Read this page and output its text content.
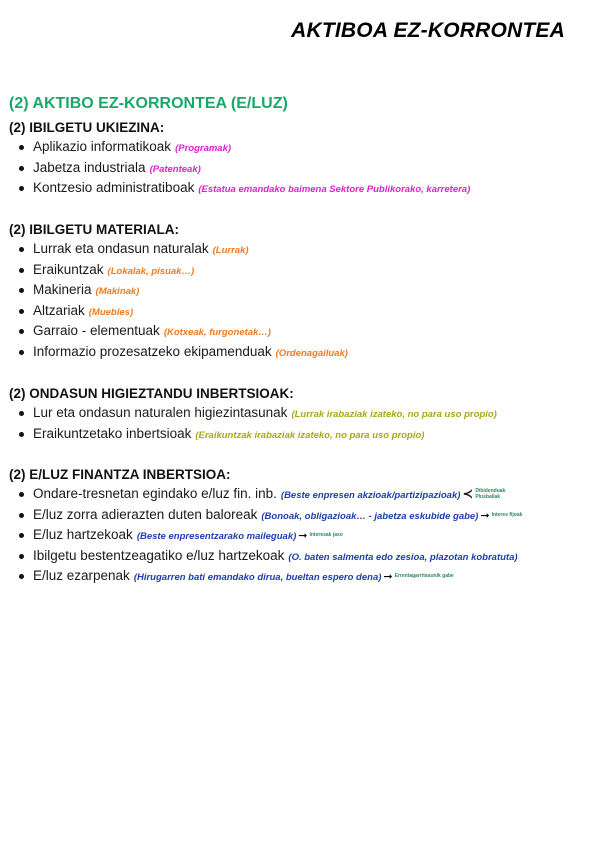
AKTIBOA EZ-KORRONTEA
(2) AKTIBO EZ-KORRONTEA (E/LUZ)
(2) IBILGETU UKIEZINA:
Aplikazio informatikoak (Programak)
Jabetza industriala (Patenteak)
Kontzesio administratiboak (Estatua emandako baimena Sektore Publikorako, karretera)
(2) IBILGETU MATERIALA:
Lurrak eta ondasun naturalak (Lurrak)
Eraikuntzak (Lokalak, pisuak…)
Makineria (Makinak)
Altzariak (Muebles)
Garraio - elementuak (Kotxeak, furgonetak…)
Informazio prozesatzeko ekipamenduak (Ordenagailuak)
(2) ONDASUN HIGIEZTANDU INBERTSIOAK:
Lur eta ondasun naturalen higiezintasunak (Lurrak irabaziak izateko, no para uso propio)
Eraikuntzetako inbertsioak (Eraikuntzak irabaziak izateko, no para uso propio)
(2) E/LUZ FINANTZA INBERTSIOA:
Ondare-tresnetan egindako e/luz fin. inb. (Beste enpresen akzioak/partizipazioak) ≺ Dibidenduak
Plusbaliak
E/luz zorra adierazten duten baloreak (Bonoak, obligazioak… - jabetza eskubide gabe) ➞ Interes fijoak
E/luz hartzekoak (Beste enpresentzarako maileguak) ➞ Interesak jaso
Ibilgetu bestentzeagatiko e/luz hartzekoak (O. baten salmenta edo zesioa, plazotan kobratuta)
E/luz ezarpenak (Hirugarren bati emandako dirua, bueltan espero dena) ➞ Errentagarritasunik gabe
